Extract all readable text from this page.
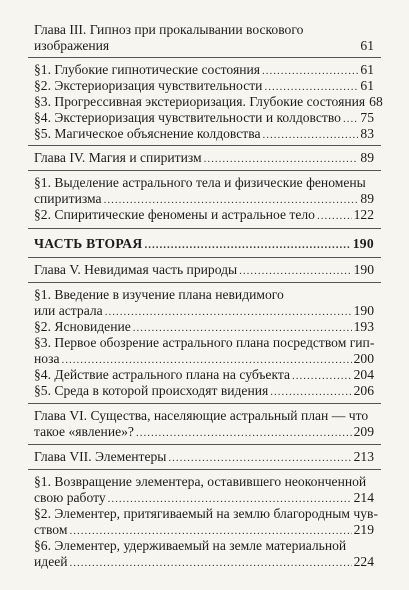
Глава III. Гипноз при прокалывании воскового
изображения	61
§1. Глубокие гипнотические состояния .....	61
§2. Экстериоризация чувствительности .....	61
§3. Прогрессивная экстериоризация. Глубокие состояния 68
§4. Экстериоризация чувствительности и колдовство ..... 75
§5. Магическое объяснение колдовства .....	83
Глава IV. Магия и спиритизм .....	89
§1. Выделение астрального тела и физические феномены
спиритизма .....	89
§2. Спиритические феномены и астральное тело .....	122
ЧАСТЬ ВТОРАЯ .....	190
Глава V. Невидимая часть природы .....	190
§1. Введение в изучение плана невидимого
или астрала .....	190
§2. Ясновидение .....	193
§3. Первое обозрение астрального плана посредством гип-
ноза .....	200
§4. Действие астрального плана на субъекта .....	204
§5. Среда в которой происходят видения .....	206
Глава VI. Существа, населяющие астральный план — что
такое «явление»? .....	209
Глава VII. Элементеры .....	213
§1. Возвращение элементера, оставившего неоконченной
свою работу .....	214
§2. Элементер, притягиваемый на землю благородным чув-
ством .....	219
§6. Элементер, удерживаемый на земле материальной
идеей .....	224
